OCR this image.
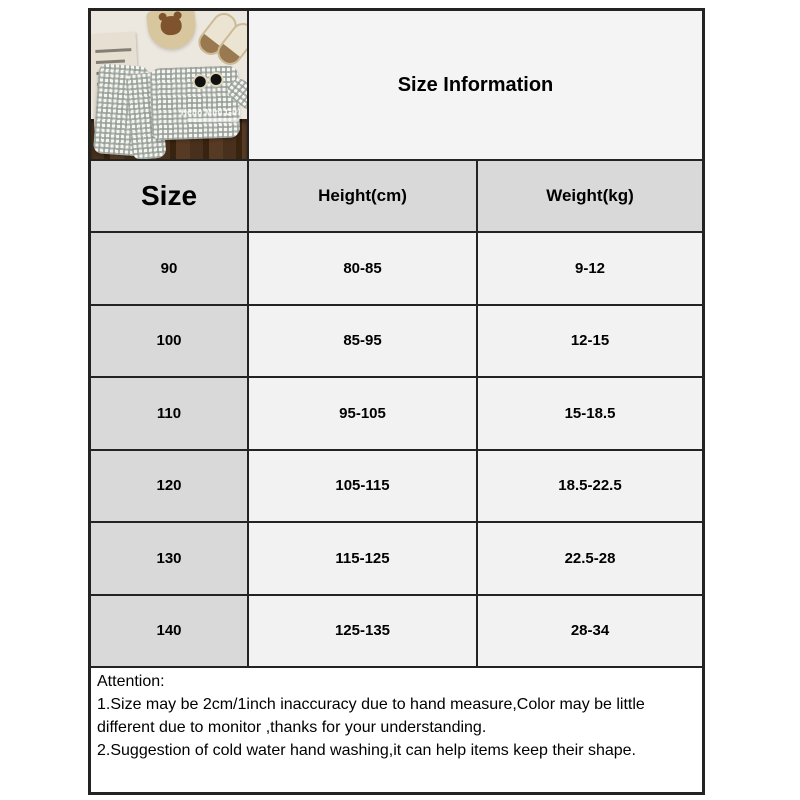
Hello Mini Girl
Size Information
Size	Height(cm)	Weight(kg)
90	80-85	9-12
100	85-95	12-15
110	95-105	15-18.5
120	105-115	18.5-22.5
130	115-125	22.5-28
140	125-135	28-34
Attention:
1.Size may be 2cm/1inch inaccuracy due to hand measure,Color may be little different due to monitor ,thanks for your understanding.
2.Suggestion of cold water hand washing,it can help items keep their shape.
